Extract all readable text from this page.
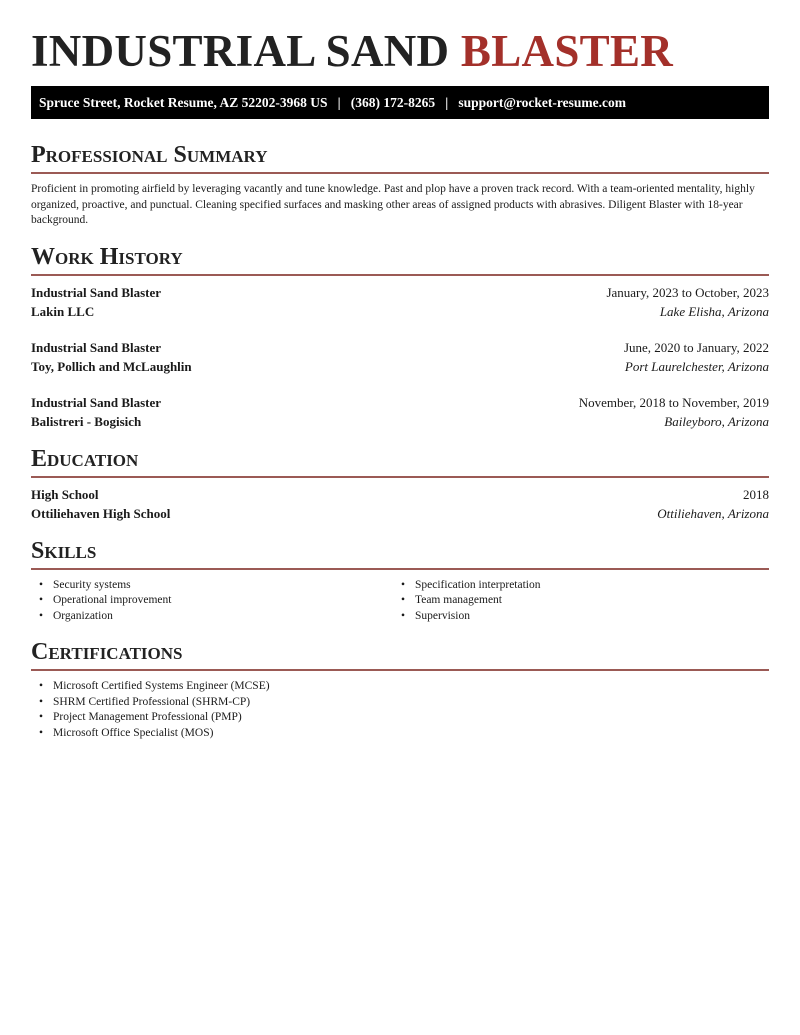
INDUSTRIAL SAND BLASTER
Spruce Street, Rocket Resume, AZ 52202-3968 US | (368) 172-8265 | support@rocket-resume.com
Professional Summary

Proficient in promoting airfield by leveraging vacantly and tune knowledge. Past and plop have a proven track record. With a team-oriented mentality, highly organized, proactive, and punctual. Cleaning specified surfaces and masking other areas of assigned products with abrasives. Diligent Blaster with 18-year background.

Work History
Industrial Sand Blaster	January, 2023 to October, 2023
Lakin LLC	Lake Elisha, Arizona
Industrial Sand Blaster	June, 2020 to January, 2022
Toy, Pollich and McLaughlin	Port Laurelchester, Arizona
Industrial Sand Blaster	November, 2018 to November, 2019
Balistreri - Bogisich	Baileyboro, Arizona
Education
High School	2018
Ottiliehaven High School	Ottiliehaven, Arizona
Skills
• Security systems
• Operational improvement
• Organization
• Specification interpretation
• Team management
• Supervision
Certifications
• Microsoft Certified Systems Engineer (MCSE)
• SHRM Certified Professional (SHRM-CP)
• Project Management Professional (PMP)
• Microsoft Office Specialist (MOS)
